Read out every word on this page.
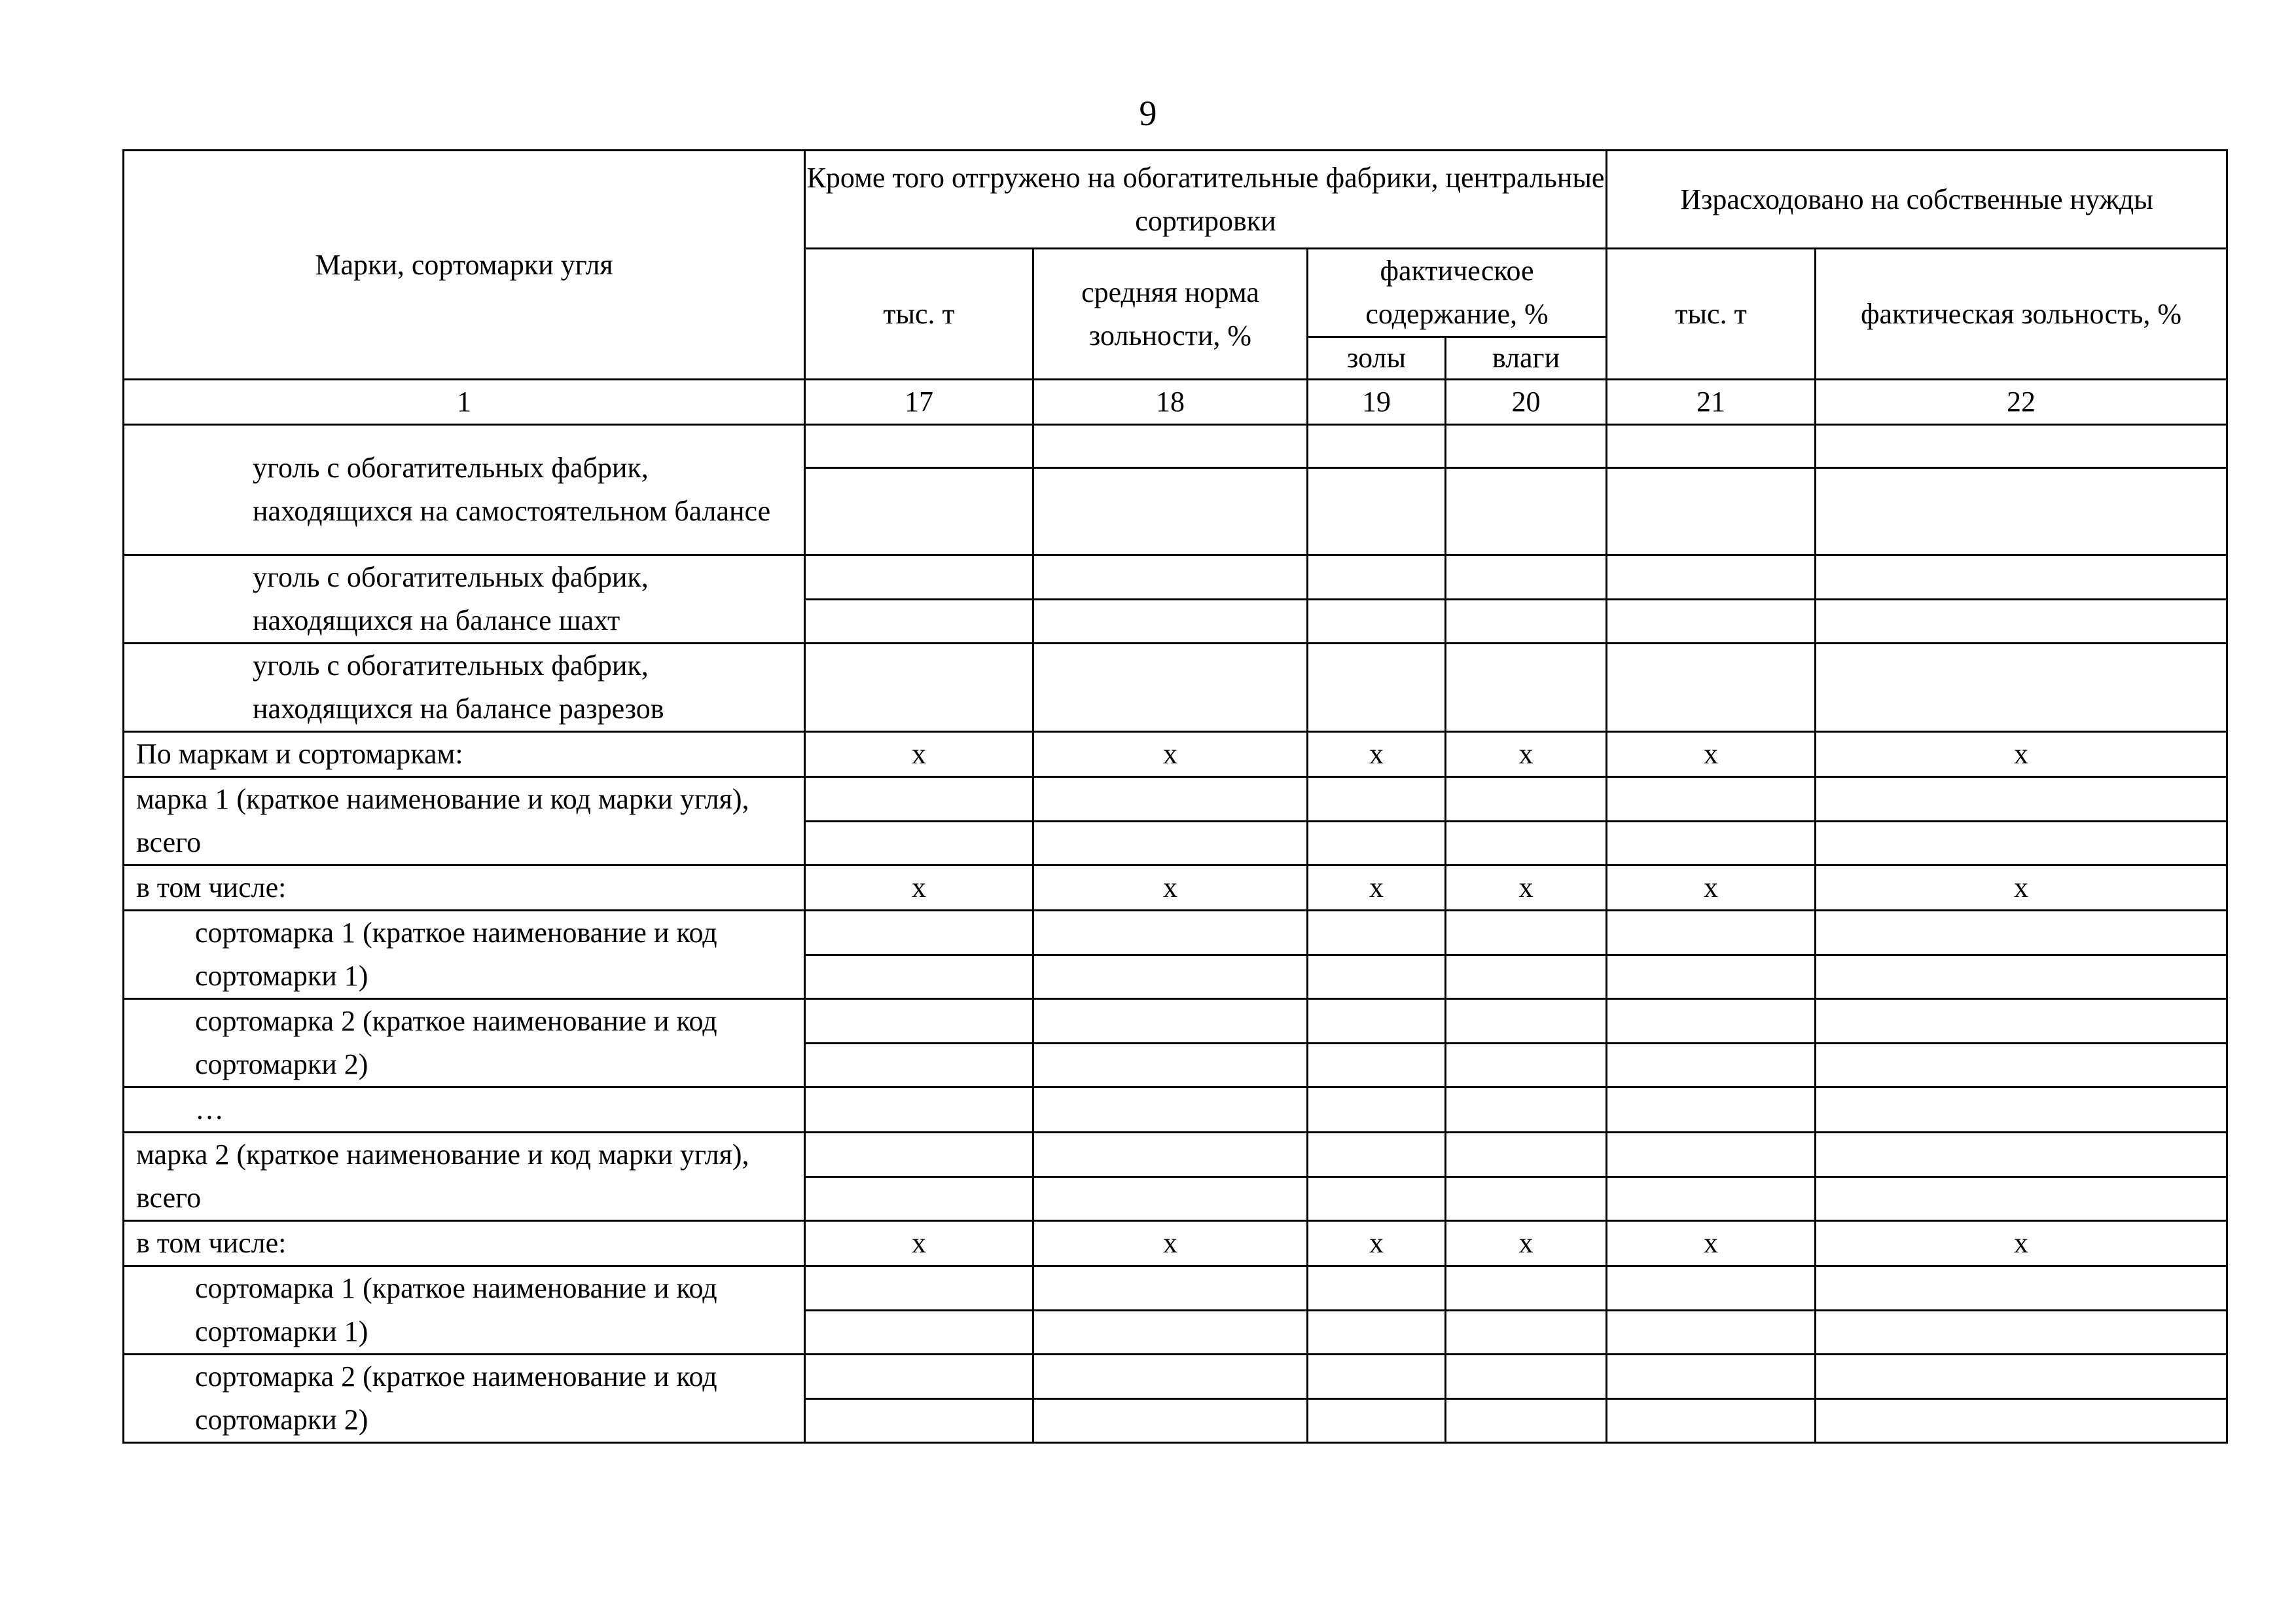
9
Марки, сортомарки угля	Кроме того отгружено на обогатительные фабрики, центральные сортировки				Израсходовано на собственные нужды	
	тыс. т	средняя норма зольности, %	фактическое содержание, %		тыс. т	фактическая зольность, %
			золы	влаги		

1	17	18	19	20	21	22
уголь с обогатительных фабрик, находящихся на самостоятельном балансе						

уголь с обогатительных фабрик, находящихся на балансе шахт						

уголь с обогатительных фабрик, находящихся на балансе разрезов						
По маркам и сортомаркам:	х	х	х	х	х	х
марка 1 (краткое наименование и код марки угля), всего						

в том числе:	х	х	х	х	х	х
сортомарка 1 (краткое наименование и код сортомарки 1)						

сортомарка 2 (краткое наименование и код сортомарки 2)						

…						
марка 2 (краткое наименование и код марки угля), всего						

в том числе:	х	х	х	х	х	х
сортомарка 1 (краткое наименование и код сортомарки 1)						

сортомарка 2 (краткое наименование и код сортомарки 2)						
